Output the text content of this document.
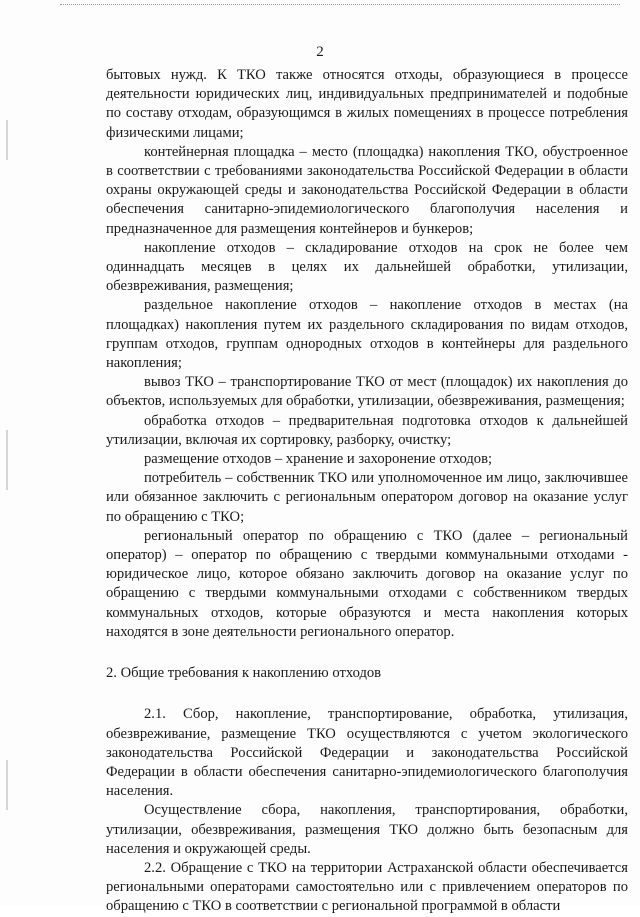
2

бытовых нужд. К ТКО также относятся отходы, образующиеся в процессе деятельности юридических лиц, индивидуальных предпринимателей и подобные по составу отходам, образующимся в жилых помещениях в процессе потребления физическими лицами;

контейнерная площадка – место (площадка) накопления ТКО, обустроенное в соответствии с требованиями законодательства Российской Федерации в области охраны окружающей среды и законодательства Российской Федерации в области обеспечения санитарно-эпидемиологического благополучия населения и предназначенное для размещения контейнеров и бункеров;

накопление отходов – складирование отходов на срок не более чем одиннадцать месяцев в целях их дальнейшей обработки, утилизации, обезвреживания, размещения;

раздельное накопление отходов – накопление отходов в местах (на площадках) накопления путем их раздельного складирования по видам отходов, группам отходов, группам однородных отходов в контейнеры для раздельного накопления;

вывоз ТКО – транспортирование ТКО от мест (площадок) их накопления до объектов, используемых для обработки, утилизации, обезвреживания, размещения;

обработка отходов – предварительная подготовка отходов к дальнейшей утилизации, включая их сортировку, разборку, очистку;

размещение отходов – хранение и захоронение отходов;

потребитель – собственник ТКО или уполномоченное им лицо, заключившее или обязанное заключить с региональным оператором договор на оказание услуг по обращению с ТКО;

региональный оператор по обращению с ТКО (далее – региональный оператор) – оператор по обращению с твердыми коммунальными отходами - юридическое лицо, которое обязано заключить договор на оказание услуг по обращению с твердыми коммунальными отходами с собственником твердых коммунальных отходов, которые образуются и места накопления которых находятся в зоне деятельности регионального оператор.

2. Общие требования к накоплению отходов

2.1. Сбор, накопление, транспортирование, обработка, утилизация, обезвреживание, размещение ТКО осуществляются с учетом экологического законодательства Российской Федерации и законодательства Российской Федерации в области обеспечения санитарно-эпидемиологического благополучия населения.

Осуществление сбора, накопления, транспортирования, обработки, утилизации, обезвреживания, размещения ТКО должно быть безопасным для населения и окружающей среды.

2.2. Обращение с ТКО на территории Астраханской области обеспечивается региональными операторами самостоятельно или с привлечением операторов по обращению с ТКО в соответствии с региональной программой в области
